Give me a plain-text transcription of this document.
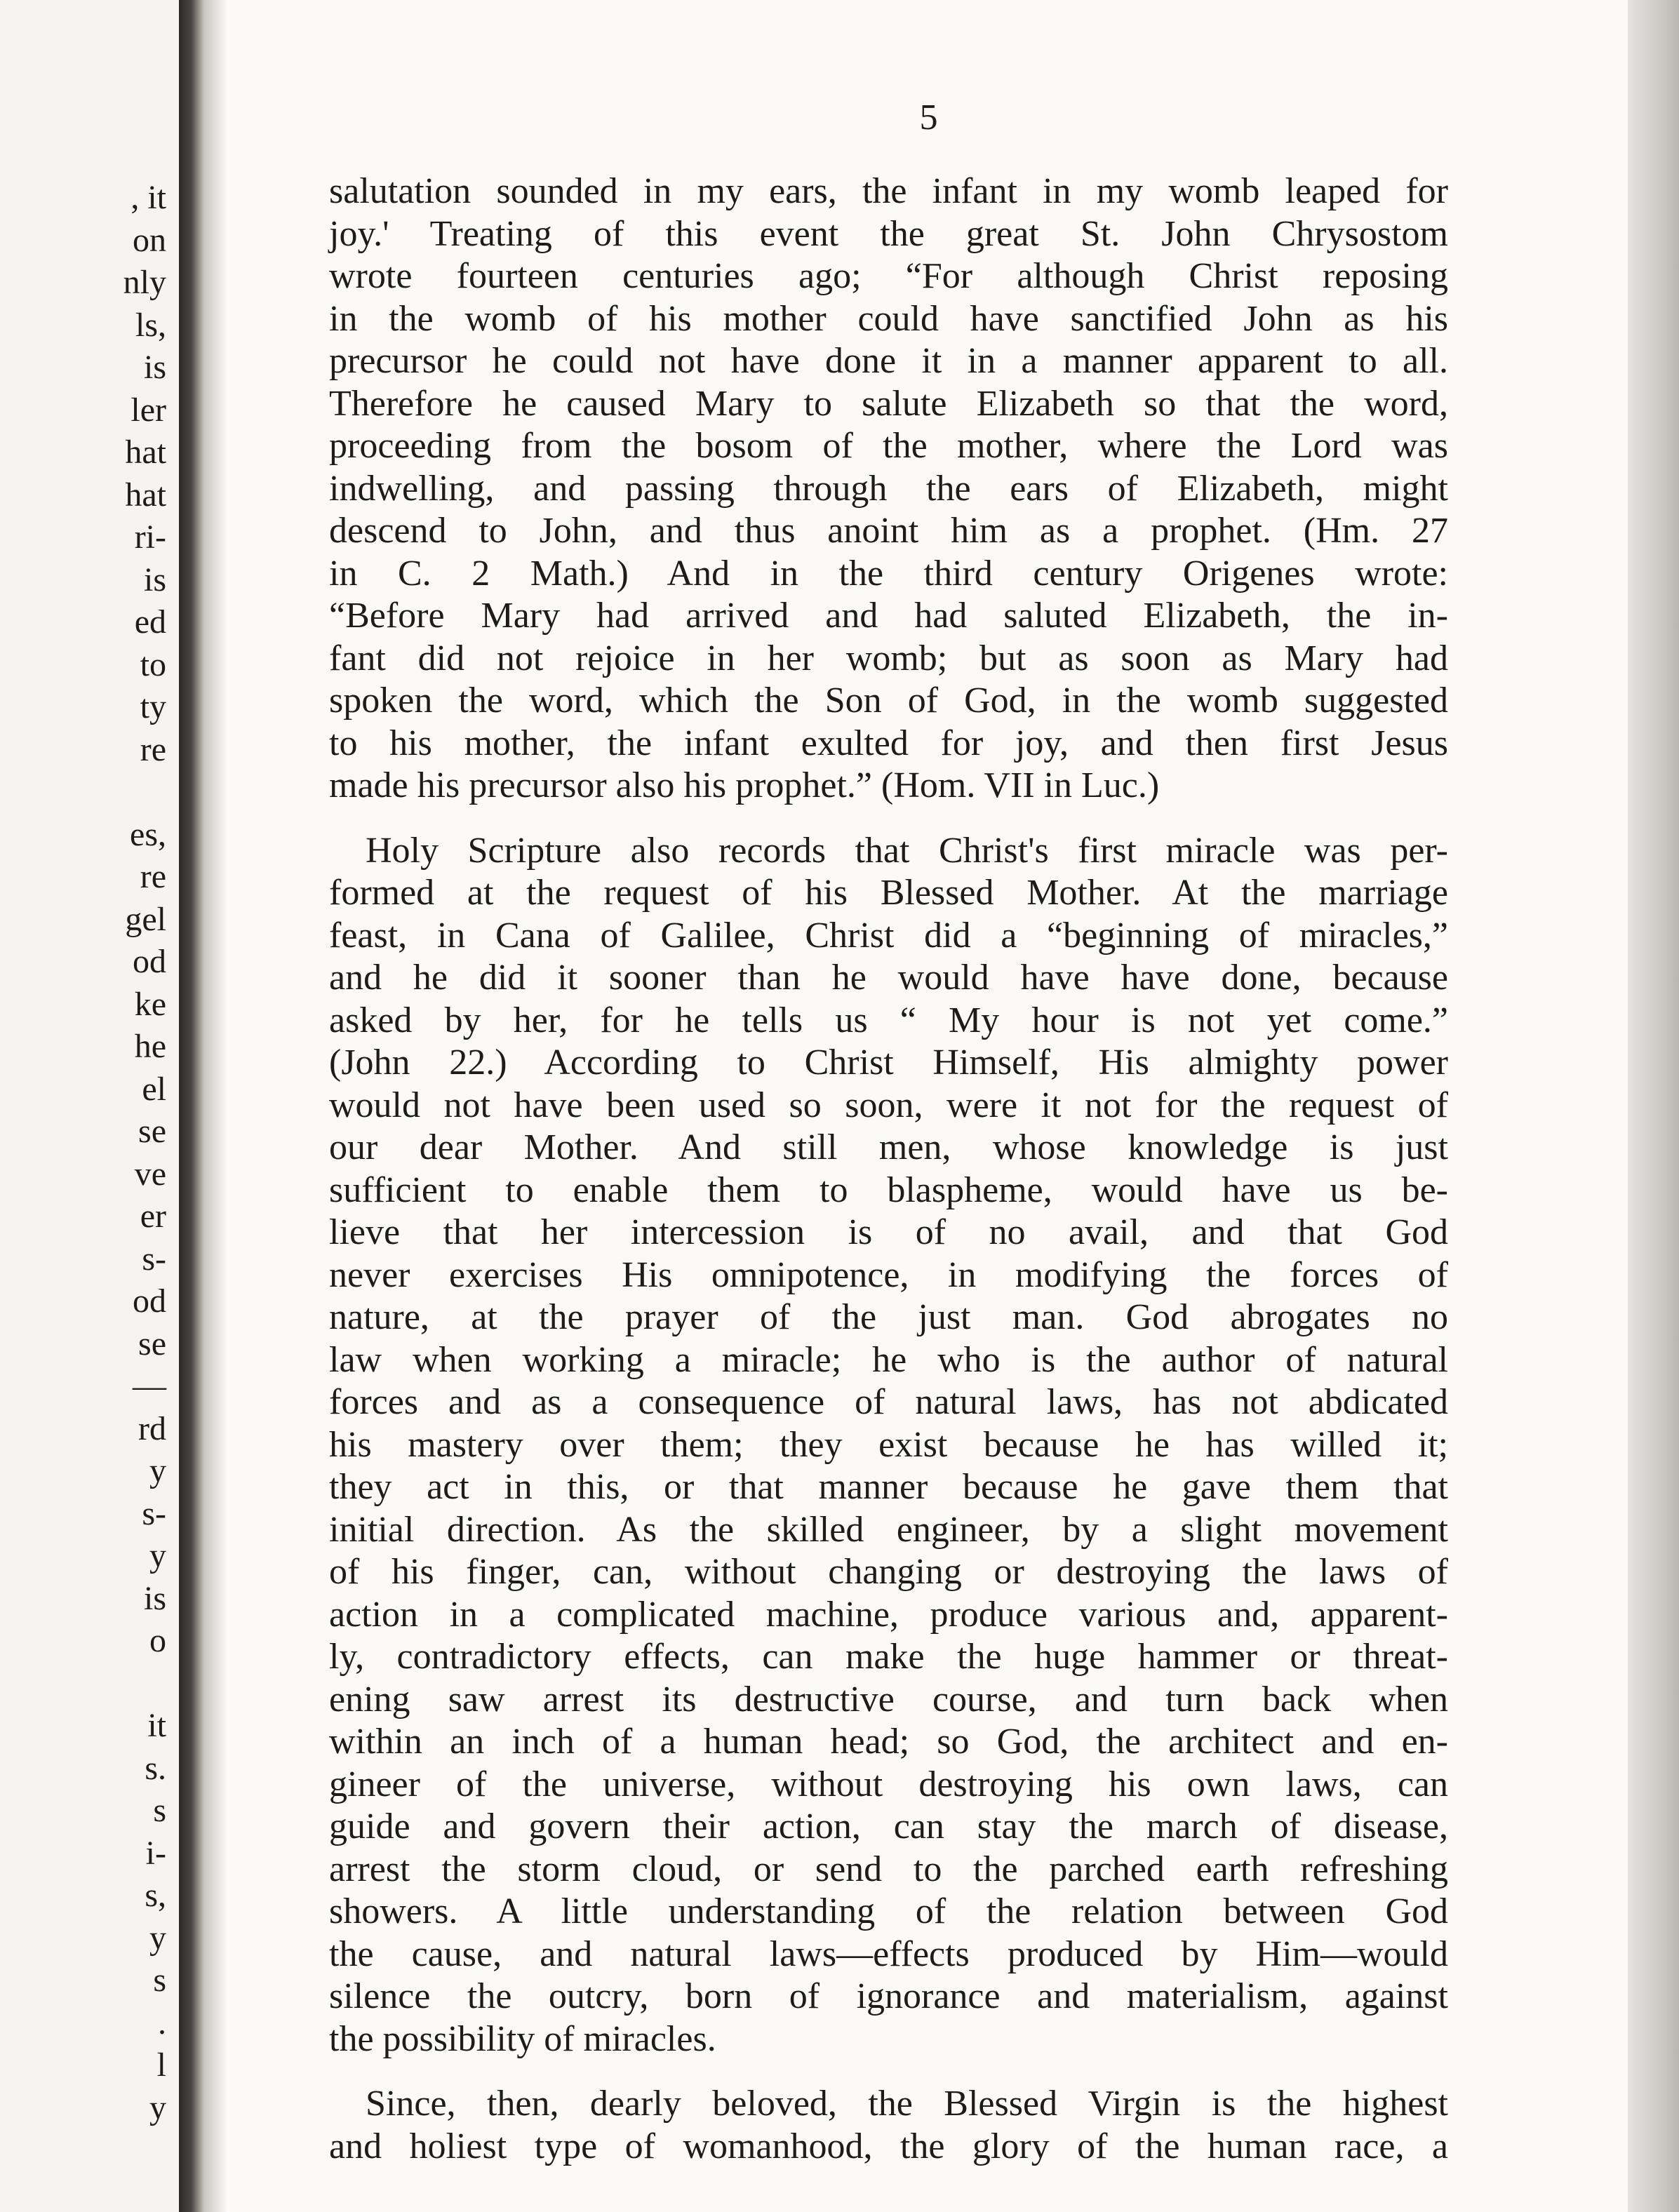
, it
on
nly
ls,
is
ler
hat
hat
ri-
is
ed
to
ty
re
es,
re
gel
od
ke
he
el
se
ve
er
s-
od
se
—
rd
y
s-
y
is
o
it
s.
s
i-
s,
y
s
.
l
y
5
salutation sounded in my ears, the infant in my womb leaped for
joy.' Treating of this event the great St. John Chrysostom
wrote fourteen centuries ago; “For although Christ reposing
in the womb of his mother could have sanctified John as his
precursor he could not have done it in a manner apparent to all.
Therefore he caused Mary to salute Elizabeth so that the word,
proceeding from the bosom of the mother, where the Lord was
indwelling, and passing through the ears of Elizabeth, might
descend to John, and thus anoint him as a prophet. (Hm. 27
in C. 2 Math.) And in the third century Origenes wrote:
“Before Mary had arrived and had saluted Elizabeth, the in-
fant did not rejoice in her womb; but as soon as Mary had
spoken the word, which the Son of God, in the womb suggested
to his mother, the infant exulted for joy, and then first Jesus
made his precursor also his prophet.” (Hom. VII in Luc.)
Holy Scripture also records that Christ's first miracle was per-
formed at the request of his Blessed Mother. At the marriage
feast, in Cana of Galilee, Christ did a “beginning of miracles,”
and he did it sooner than he would have have done, because
asked by her, for he tells us “ My hour is not yet come.”
(John 22.) According to Christ Himself, His almighty power
would not have been used so soon, were it not for the request of
our dear Mother. And still men, whose knowledge is just
sufficient to enable them to blaspheme, would have us be-
lieve that her intercession is of no avail, and that God
never exercises His omnipotence, in modifying the forces of
nature, at the prayer of the just man. God abrogates no
law when working a miracle; he who is the author of natural
forces and as a consequence of natural laws, has not abdicated
his mastery over them; they exist because he has willed it;
they act in this, or that manner because he gave them that
initial direction. As the skilled engineer, by a slight movement
of his finger, can, without changing or destroying the laws of
action in a complicated machine, produce various and, apparent-
ly, contradictory effects, can make the huge hammer or threat-
ening saw arrest its destructive course, and turn back when
within an inch of a human head; so God, the architect and en-
gineer of the universe, without destroying his own laws, can
guide and govern their action, can stay the march of disease,
arrest the storm cloud, or send to the parched earth refreshing
showers. A little understanding of the relation between God
the cause, and natural laws—effects produced by Him—would
silence the outcry, born of ignorance and materialism, against
the possibility of miracles.
Since, then, dearly beloved, the Blessed Virgin is the highest
and holiest type of womanhood, the glory of the human race, a
